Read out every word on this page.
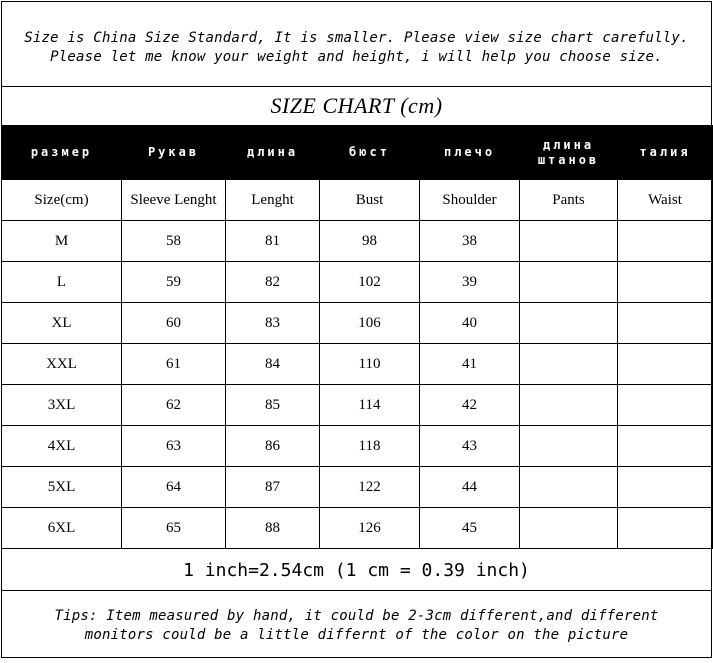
Size is China Size Standard, It is smaller. Please view size chart carefully.
Please let me know your weight and height, i will help you choose size.
SIZE CHART (cm)
размер	Рукав	длина	бюст	плечо	длина штанов	талия
Size(cm)	Sleeve Lenght	Lenght	Bust	Shoulder	Pants	Waist
M	58	81	98	38		
L	59	82	102	39		
XL	60	83	106	40		
XXL	61	84	110	41		
3XL	62	85	114	42		
4XL	63	86	118	43		
5XL	64	87	122	44		
6XL	65	88	126	45		
1 inch=2.54cm (1 cm = 0.39 inch)
Tips: Item measured by hand, it could be 2-3cm different,and different
monitors could be a little differnt of the color on the picture
